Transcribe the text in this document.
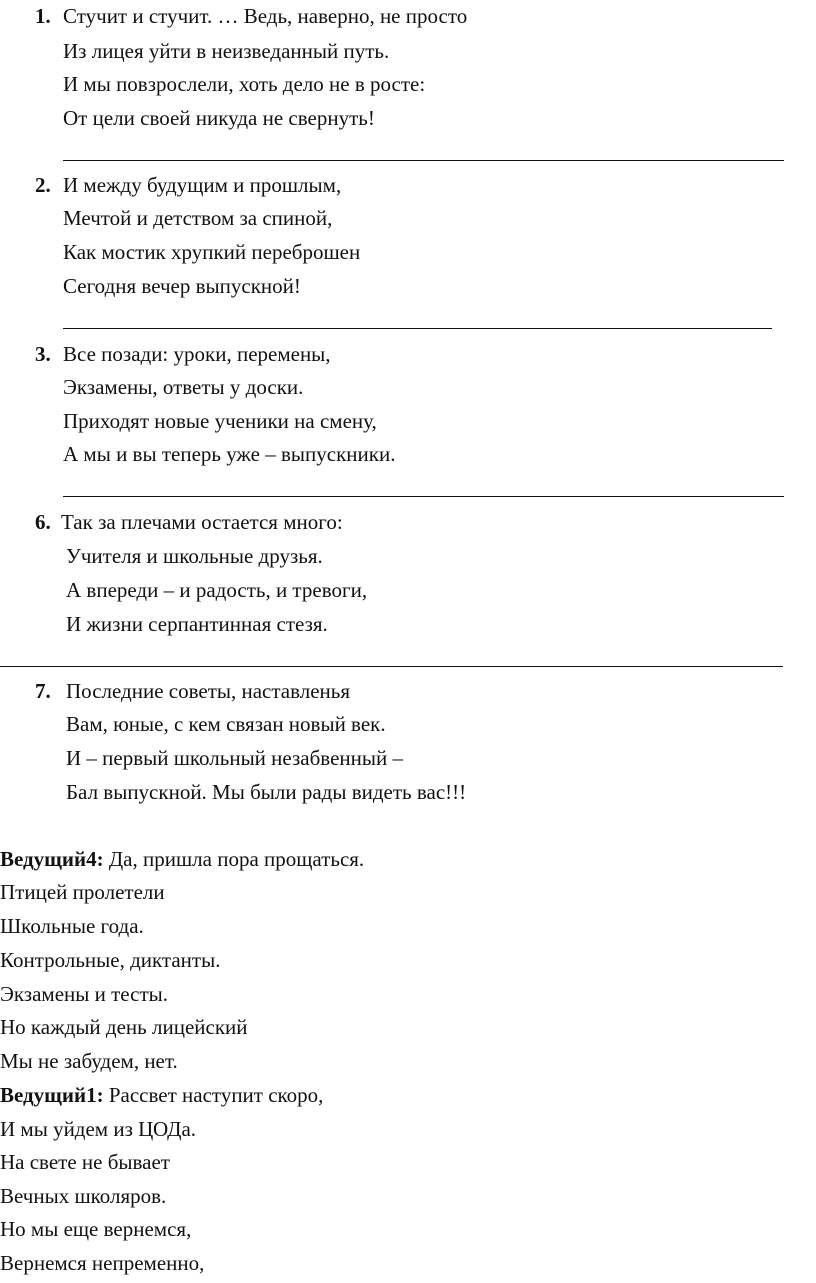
1. Стучит и стучит. … Ведь, наверно, не просто
Из лицея уйти в неизведанный путь.
И мы повзрослели, хоть дело не в росте:
От цели своей никуда не свернуть!
2. И между будущим и прошлым,
Мечтой и детством за спиной,
Как мостик хрупкий переброшен
Сегодня вечер выпускной!
3. Все позади: уроки, перемены,
Экзамены, ответы у доски.
Приходят новые ученики на смену,
А мы и вы теперь уже – выпускники.
6. Так за плечами остается много:
Учителя и школьные друзья.
А впереди – и радость, и тревоги,
И жизни серпантинная стезя.
7. Последние советы, наставленья
Вам, юные, с кем связан новый век.
И – первый школьный незабвенный –
Бал выпускной. Мы были рады видеть вас!!!
Ведущий4: Да, пришла пора прощаться.
Птицей пролетели
Школьные года.
Контрольные, диктанты.
Экзамены и тесты.
Но каждый день лицейский
Мы не забудем, нет.
Ведущий1: Рассвет наступит скоро,
И мы уйдем из ЦОДа.
На свете не бывает
Вечных школяров.
Но мы еще вернемся,
Вернемся непременно,
